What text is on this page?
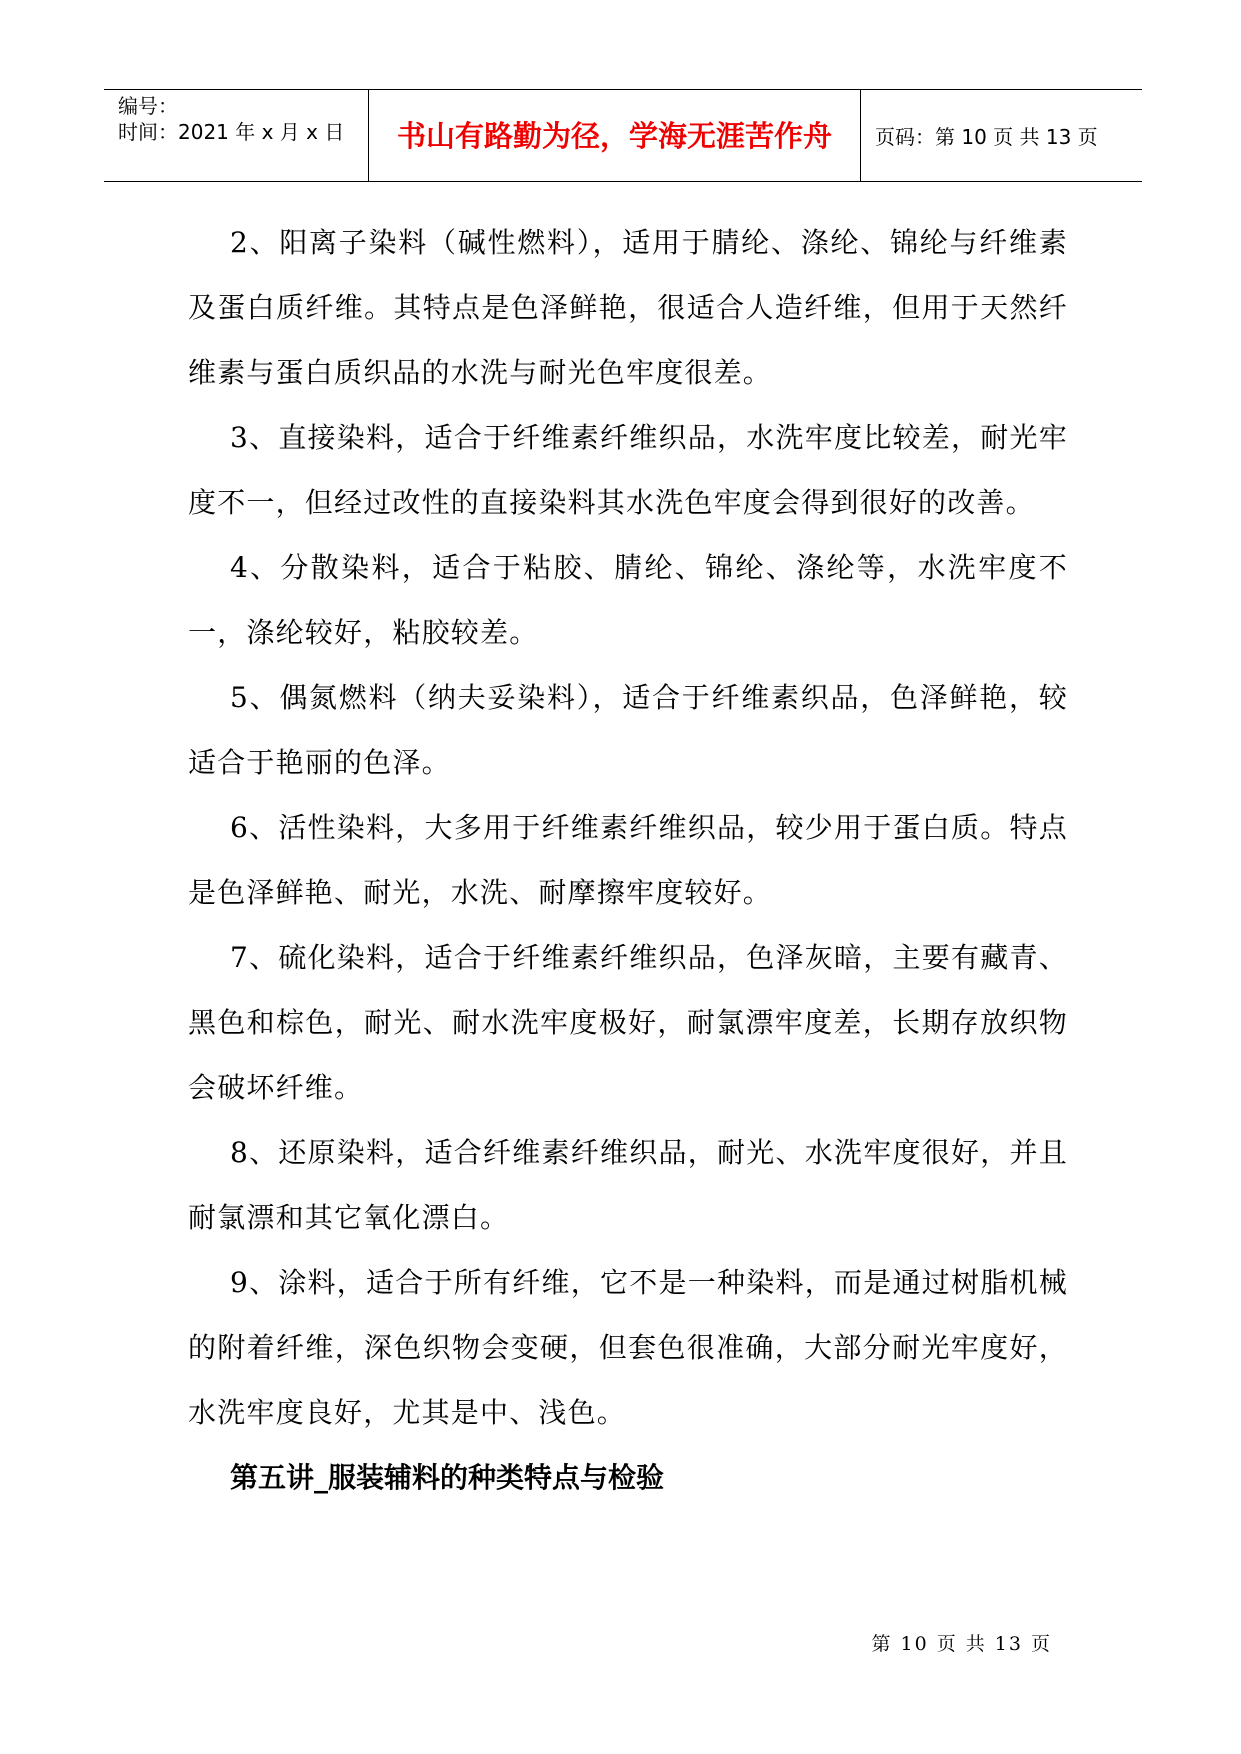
编号：
时间：2021 年 x 月 x 日	书山有路勤为径，学海无涯苦作舟	页码：第 10 页 共 13 页

2、阳离子染料（碱性燃料），适用于腈纶、涤纶、锦纶与纤维素及蛋白质纤维。其特点是色泽鲜艳，很适合人造纤维，但用于天然纤维素与蛋白质织品的水洗与耐光色牢度很差。

3、直接染料，适合于纤维素纤维织品，水洗牢度比较差，耐光牢度不一，但经过改性的直接染料其水洗色牢度会得到很好的改善。

4、分散染料，适合于粘胶、腈纶、锦纶、涤纶等，水洗牢度不一，涤纶较好，粘胶较差。

5、偶氮燃料（纳夫妥染料），适合于纤维素织品，色泽鲜艳，较适合于艳丽的色泽。

6、活性染料，大多用于纤维素纤维织品，较少用于蛋白质。特点是色泽鲜艳、耐光，水洗、耐摩擦牢度较好。

7、硫化染料，适合于纤维素纤维织品，色泽灰暗，主要有藏青、黑色和棕色，耐光、耐水洗牢度极好，耐氯漂牢度差，长期存放织物会破坏纤维。

8、还原染料，适合纤维素纤维织品，耐光、水洗牢度很好，并且耐氯漂和其它氧化漂白。

9、涂料，适合于所有纤维，它不是一种染料，而是通过树脂机械的附着纤维，深色织物会变硬，但套色很准确，大部分耐光牢度好，水洗牢度良好，尤其是中、浅色。

第五讲_服装辅料的种类特点与检验

第 10 页 共 13 页
